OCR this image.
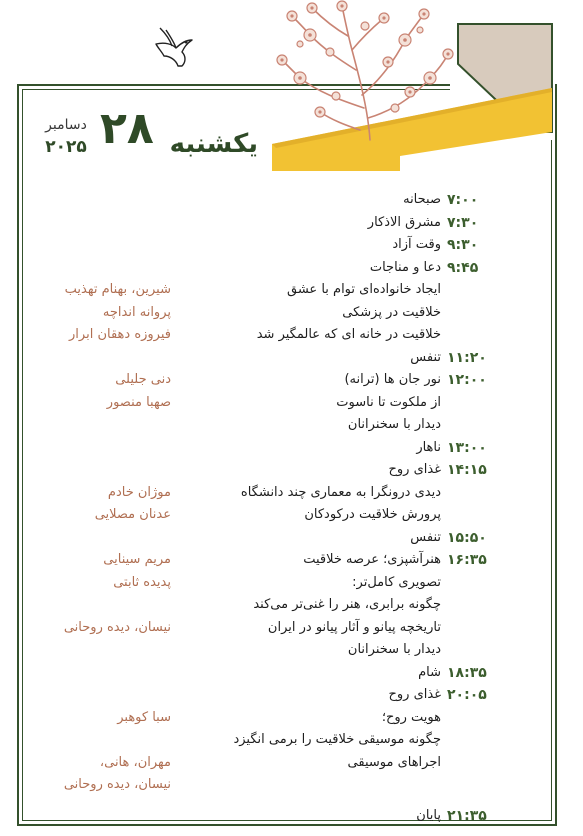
دسامبر
۲۰۲۵ ۲۸ یکشنبه
۷:۰۰
صبحانه
۷:۳۰
مشرق الاذکار
۹:۳۰
وقت آزاد
۹:۴۵
دعا و مناجات
ایجاد خانواده‌ای توام با عشق
شیرین، بهنام تهذیب
خلاقیت در پزشکی
پروانه انداچه
خلاقیت در خانه ای که عالمگیر شد
فیروزه دهقان ابرار
۱۱:۲۰
تنفس
۱۲:۰۰
نور جان ها (ترانه)
دنی جلیلی
از ملکوت تا ناسوت
صهبا منصور
دیدار با سخنرانان
۱۳:۰۰
ناهار
۱۴:۱۵
غذای روح
دیدی درونگرا به معماری چند دانشگاه
موژان خادم
پرورش خلاقیت درکودکان
عدنان مصلایی
۱۵:۵۰
تنفس
۱۶:۳۵
هنرآشپزی؛ عرصه خلاقیت
مریم سینایی
تصویری کامل‌تر:
پدیده ثابتی
چگونه برابری، هنر را غنی‌تر می‌کند
تاریخچه پیانو و آثار پیانو در ایران
نیسان، دیده روحانی
دیدار با سخنرانان
۱۸:۳۵
شام
۲۰:۰۵
غذای روح
هویت روح؛
سبا کوهبر
چگونه موسیقی خلاقیت را برمی انگیزد
اجراهای موسیقی
مهران، هانی،
نیسان، دیده روحانی
۲۱:۳۵
پایان
